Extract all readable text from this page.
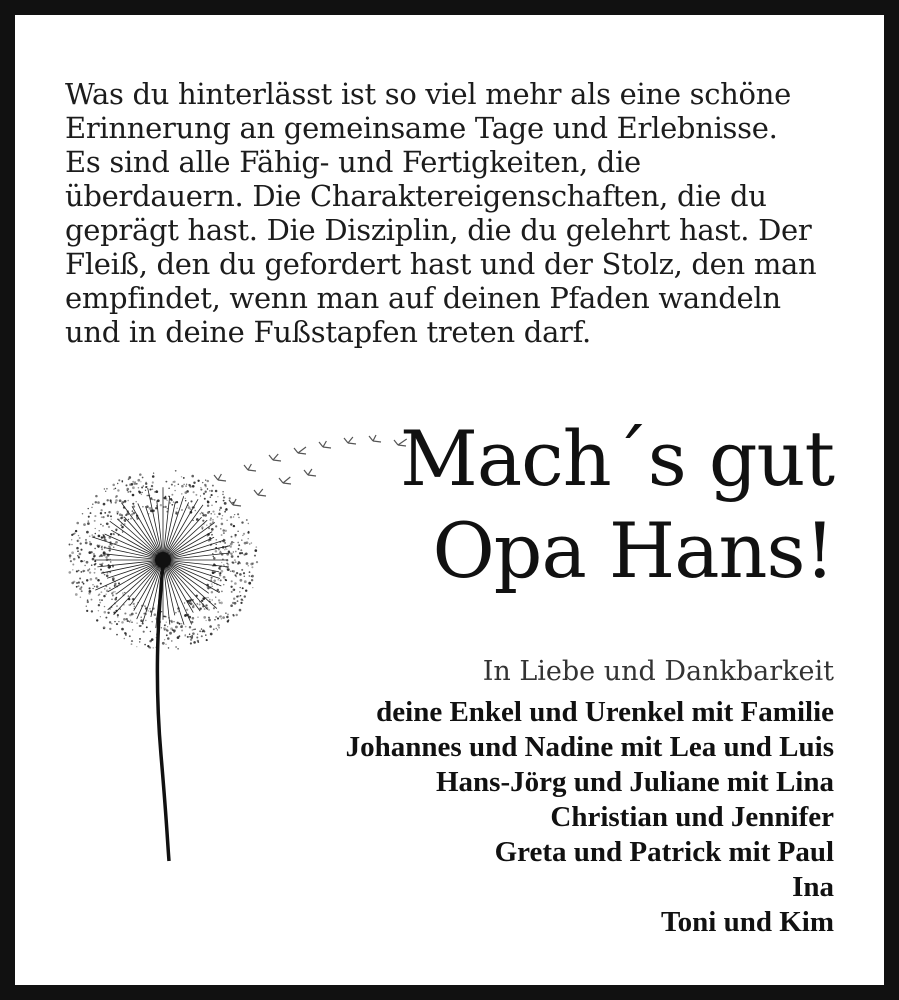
Was du hinterlässt ist so viel mehr als eine schöne
Erinnerung an gemeinsame Tage und Erlebnisse.
Es sind alle Fähig- und Fertigkeiten, die
überdauern. Die Charaktereigenschaften, die du
geprägt hast. Die Disziplin, die du gelehrt hast. Der
Fleiß, den du gefordert hast und der Stolz, den man
empfindet, wenn man auf deinen Pfaden wandeln
und in deine Fußstapfen treten darf.
Mach´s gut
Opa Hans!
In Liebe und Dankbarkeit
deine Enkel und Urenkel mit Familie
Johannes und Nadine mit Lea und Luis
Hans-Jörg und Juliane mit Lina
Christian und Jennifer
Greta und Patrick mit Paul
Ina
Toni und Kim
